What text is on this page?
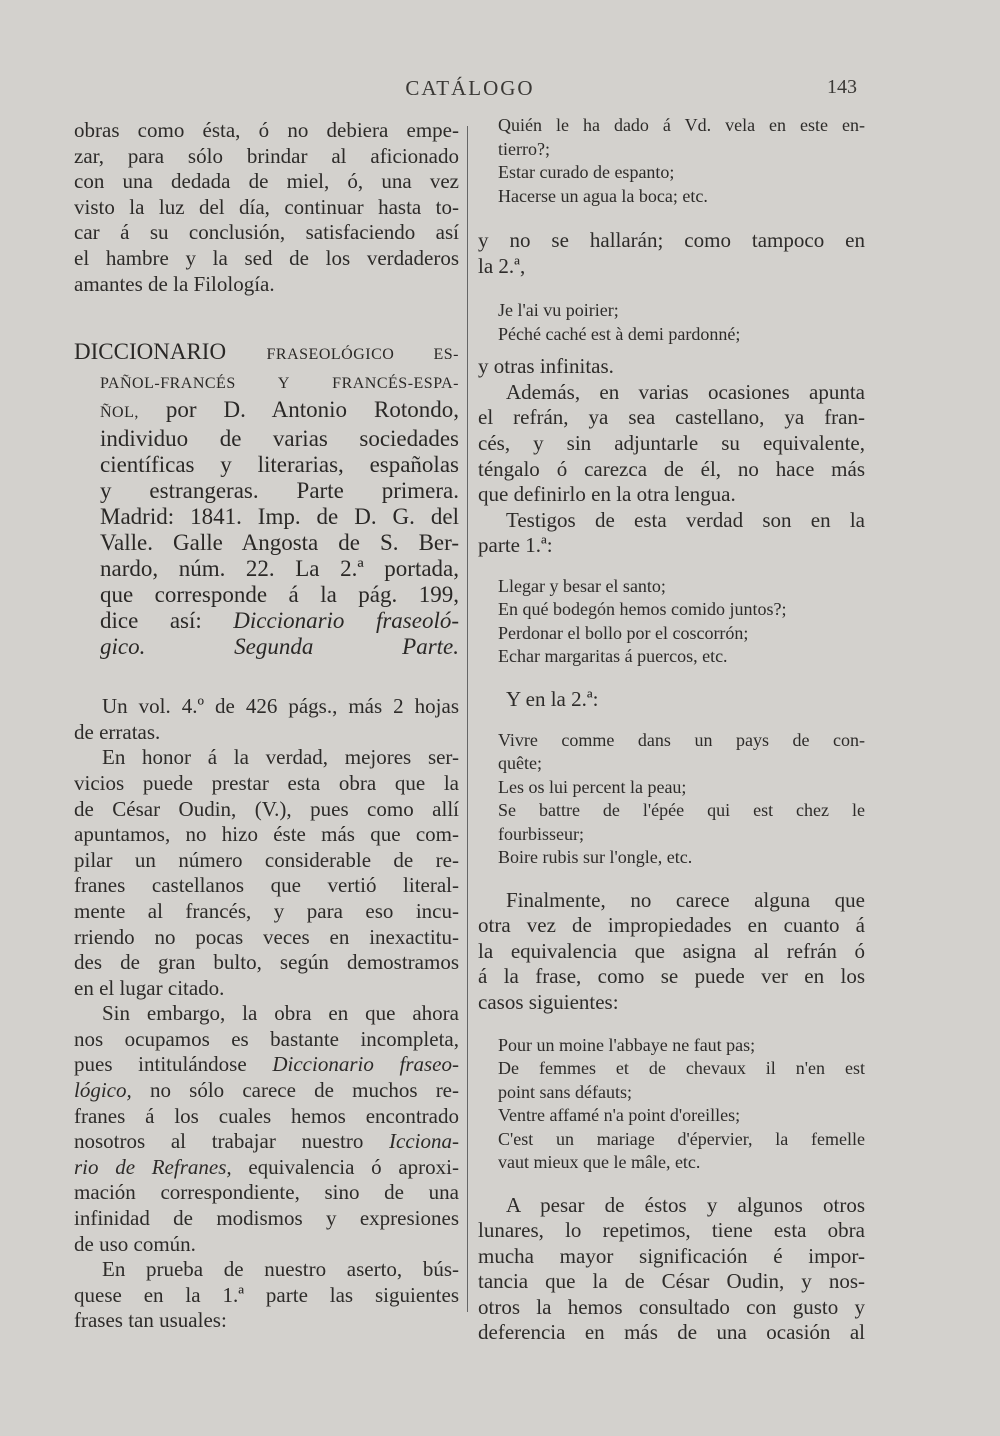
CATÁLOGO	143

obras como ésta, ó no debiera empe-

zar, para sólo brindar al aficionado

con una dedada de miel, ó, una vez

visto la luz del día, continuar hasta to-

car á su conclusión, satisfaciendo así

el hambre y la sed de los verdaderos

amantes de la Filología.

DICCIONARIO	FRASEOLÓGICO ES-

PAÑOL-FRANCÉS Y FRANCÉS-ESPA-

ÑOL, por D. Antonio Rotondo,

individuo de varias sociedades

científicas y literarias, españolas

y estrangeras. Parte primera.

Madrid: 1841. Imp. de D. G. del

Valle. Galle Angosta de S. Ber-

nardo, núm. 22. La 2.ª portada,

que corresponde á la pág. 199,

dice así: Diccionario fraseoló-

gico. Segunda Parte.

Un vol. 4.º de 426 págs., más 2 hojas

de erratas.

En honor á la verdad, mejores ser-

vicios puede prestar esta obra que la

de César Oudin, (V.), pues como allí

apuntamos, no hizo éste más que com-

pilar un número considerable de re-

franes castellanos que vertió literal-

mente al francés, y para eso incu-

rriendo no pocas veces en inexactitu-

des de gran bulto, según demostramos

en el lugar citado.

Sin embargo, la obra en que ahora

nos ocupamos es bastante incompleta,

pues intitulándose Diccionario fraseo-

lógico, no sólo carece de muchos re-

franes á los cuales hemos encontrado

nosotros al trabajar nuestro Icciona-

rio de Refranes, equivalencia ó aproxi-

mación correspondiente, sino de una

infinidad de modismos y expresiones

de uso común.

En prueba de nuestro aserto, bús-

quese en la 1.ª parte las siguientes

frases tan usuales:

Quién le ha dado á Vd. vela en este en-

tierro?;

Estar curado de espanto;

Hacerse un agua la boca; etc.

y no se hallarán; como tampoco en

la 2.ª,

Je l'ai vu poirier;

Péché caché est à demi pardonné;

y otras infinitas.

Además, en varias ocasiones apunta

el refrán, ya sea castellano, ya fran-

cés, y sin adjuntarle su equivalente,

téngalo ó carezca de él, no hace más

que definirlo en la otra lengua.

Testigos de esta verdad son en la

parte 1.ª:

Llegar y besar el santo;

En qué bodegón hemos comido juntos?;

Perdonar el bollo por el coscorrón;

Echar margaritas á puercos, etc.

Y en la 2.ª:

Vivre comme dans un pays de con-

quête;

Les os lui percent la peau;

Se battre de l'épée qui est chez le

fourbisseur;

Boire rubis sur l'ongle, etc.

Finalmente, no carece alguna que

otra vez de impropiedades en cuanto á

la equivalencia que asigna al refrán ó

á la frase, como se puede ver en los

casos siguientes:

Pour un moine l'abbaye ne faut pas;

De femmes et de chevaux il n'en est

point sans défauts;

Ventre affamé n'a point d'oreilles;

C'est un mariage d'épervier, la femelle

vaut mieux que le mâle, etc.

A pesar de éstos y algunos otros

lunares, lo repetimos, tiene esta obra

mucha mayor significación é impor-

tancia que la de César Oudin, y nos-

otros la hemos consultado con gusto y

deferencia en más de una ocasión al
